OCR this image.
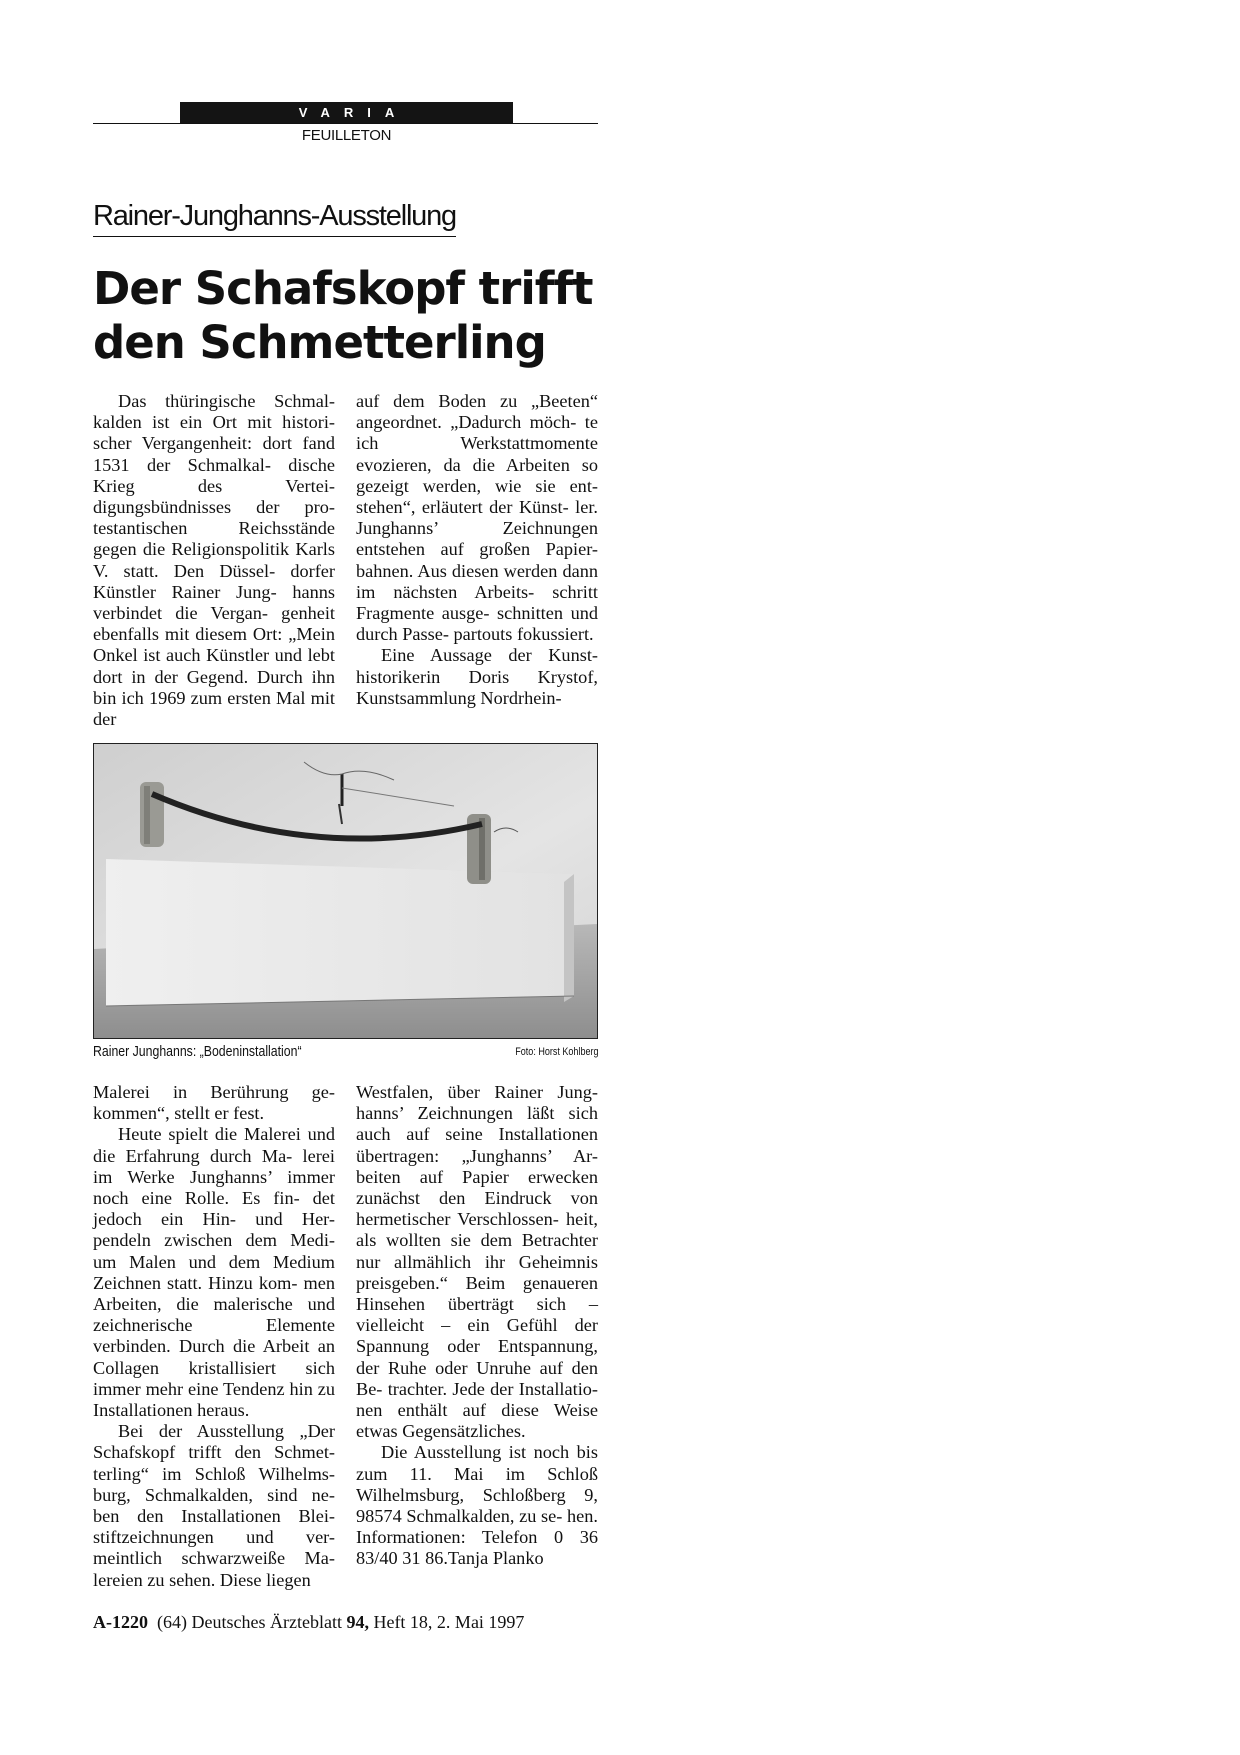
VARIA
FEUILLETON
Rainer-Junghanns-Ausstellung
Der Schafskopf trifft
den Schmetterling

Das thüringische Schmal- kalden ist ein Ort mit histori- scher Vergangenheit: dort fand 1531 der Schmalkal- dische Krieg des Vertei- digungsbündnisses der pro- testantischen Reichsstände gegen die Religionspolitik Karls V. statt. Den Düssel- dorfer Künstler Rainer Jung- hanns verbindet die Vergan- genheit ebenfalls mit diesem Ort: „Mein Onkel ist auch Künstler und lebt dort in der Gegend. Durch ihn bin ich 1969 zum ersten Mal mit der

auf dem Boden zu „Beeten“ angeordnet. „Dadurch möch- te ich Werkstattmomente evozieren, da die Arbeiten so gezeigt werden, wie sie ent- stehen“, erläutert der Künst- ler. Junghanns’ Zeichnungen entstehen auf großen Papier- bahnen. Aus diesen werden dann im nächsten Arbeits- schritt Fragmente ausge- schnitten und durch Passe- partouts fokussiert.

Eine Aussage der Kunst- historikerin Doris Krystof, Kunstsammlung Nordrhein-

Rainer Junghanns: „Bodeninstallation“	Foto: Horst Kohlberg

Malerei in Berührung ge- kommen“, stellt er fest.

Heute spielt die Malerei und die Erfahrung durch Ma- lerei im Werke Junghanns’ immer noch eine Rolle. Es fin- det jedoch ein Hin- und Her- pendeln zwischen dem Medi- um Malen und dem Medium Zeichnen statt. Hinzu kom- men Arbeiten, die malerische und zeichnerische Elemente verbinden. Durch die Arbeit an Collagen kristallisiert sich immer mehr eine Tendenz hin zu Installationen heraus.

Bei der Ausstellung „Der Schafskopf trifft den Schmet- terling“ im Schloß Wilhelms- burg, Schmalkalden, sind ne- ben den Installationen Blei- stiftzeichnungen und ver- meintlich schwarzweiße Ma- lereien zu sehen. Diese liegen

Westfalen, über Rainer Jung- hanns’ Zeichnungen läßt sich auch auf seine Installationen übertragen: „Junghanns’ Ar- beiten auf Papier erwecken zunächst den Eindruck von hermetischer Verschlossen- heit, als wollten sie dem Betrachter nur allmählich ihr Geheimnis preisgeben.“ Beim genaueren Hinsehen überträgt sich – vielleicht – ein Gefühl der Spannung oder Entspannung, der Ruhe oder Unruhe auf den Be- trachter. Jede der Installatio- nen enthält auf diese Weise etwas Gegensätzliches.

Die Ausstellung ist noch bis zum 11. Mai im Schloß Wilhelmsburg, Schloßberg 9, 98574 Schmalkalden, zu se- hen. Informationen: Telefon 0 36 83/40 31 86.Tanja Planko

A-1220 (64) Deutsches Ärzteblatt 94, Heft 18, 2. Mai 1997
